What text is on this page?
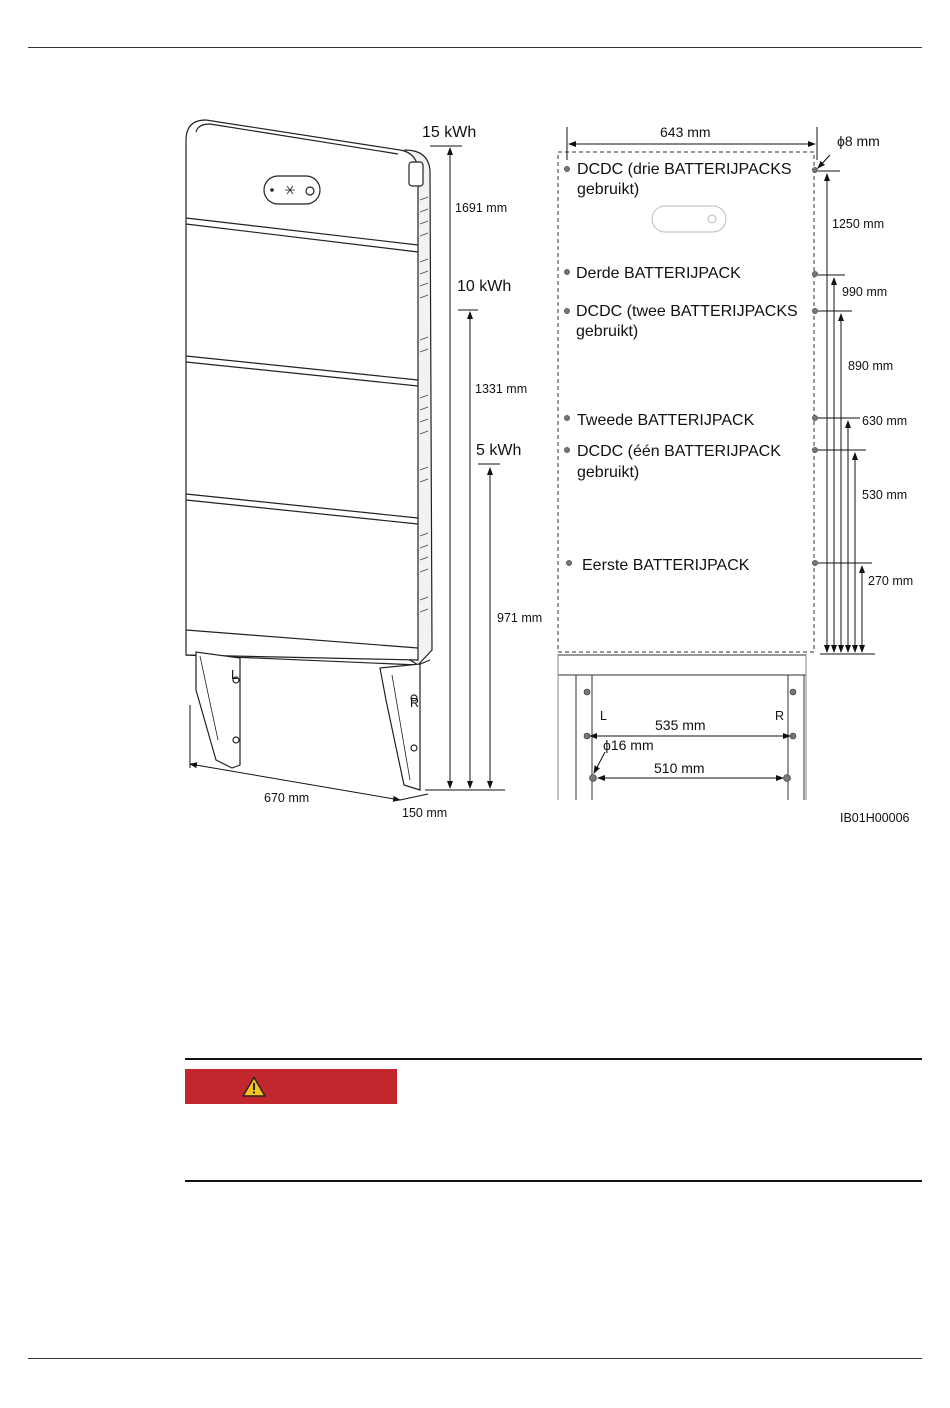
L
R
15 kWh
1691 mm
10 kWh
1331 mm
5 kWh
971 mm
670 mm
150 mm
643 mm
ϕ8 mm
DCDC (drie BATTERIJPACKS
gebruikt)
Derde BATTERIJPACK
DCDC (twee BATTERIJPACKS
gebruikt)
Tweede BATTERIJPACK
DCDC (één BATTERIJPACK
gebruikt)
Eerste BATTERIJPACK
1250 mm
990 mm
890 mm
630 mm
530 mm
270 mm
L	R
535 mm
ϕ16 mm
510 mm
IB01H00006
